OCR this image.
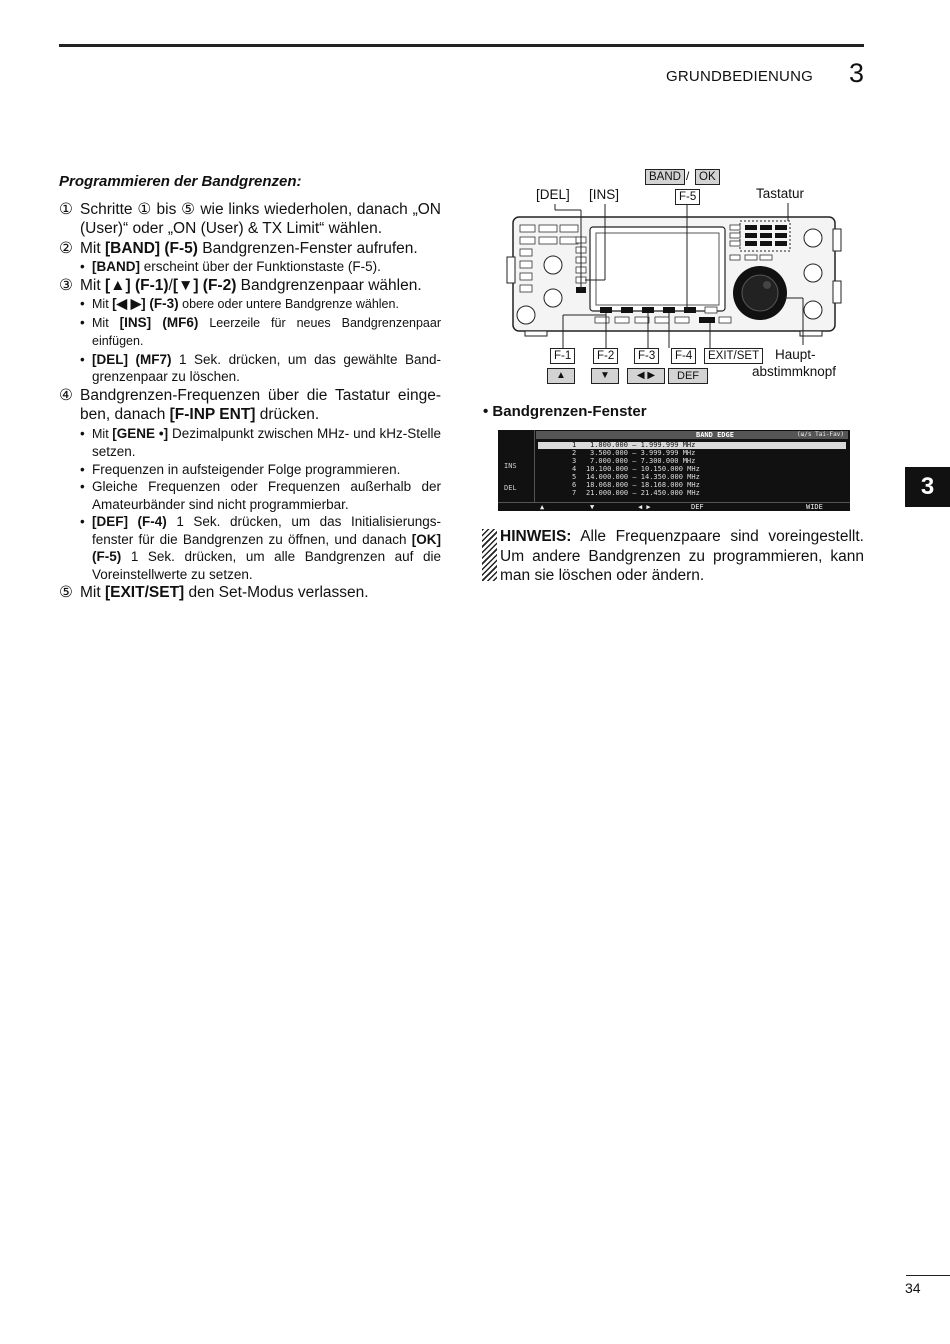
GRUNDBEDIENUNG 3
3
Programmieren der Bandgrenzen:
① Schritte ① bis ⑤ wie links wiederholen, danach „ON (User)“ oder „ON (User) & TX Limit“ wählen.
② Mit [BAND] (F-5) Bandgrenzen-Fenster aufrufen.
• [BAND] erscheint über der Funktionstaste (F-5).
③ Mit [▲] (F-1)/[▼] (F-2) Bandgrenzenpaar wählen.
• Mit [◀ ▶] (F-3) obere oder untere Bandgrenze wählen.
• Mit [INS] (MF6) Leerzeile für neues Bandgrenzenpaar einfügen.
• [DEL] (MF7) 1 Sek. drücken, um das gewählte Band-grenzenpaar zu löschen.
④ Bandgrenzen-Frequenzen über die Tastatur einge-ben, danach [F-INP ENT] drücken.
• Mit [GENE •] Dezimalpunkt zwischen MHz- und kHz-Stelle setzen.
• Frequenzen in aufsteigender Folge programmieren.
• Gleiche Frequenzen oder Frequenzen außerhalb der Amateurbänder sind nicht programmierbar.
• [DEF] (F-4) 1 Sek. drücken, um das Initialisierungs-fenster für die Bandgrenzen zu öffnen, und danach [OK] (F-5) 1 Sek. drücken, um alle Bandgrenzen auf die Voreinstellwerte zu setzen.
⑤ Mit [EXIT/SET] den Set-Modus verlassen.
BAND / OK
[DEL] [INS]	F-5	Tastatur
F-1	F-2	F-3	F-4	EXIT/SET Haupt-
abstimmknopf
▲	▼	◀ ▶	DEF
• Bandgrenzen-Fenster
INS
DEL
BAND EDGE	(ω/s Tai-Fav)
1 1.800.000 – 1.999.999 MHz
2 3.500.000 – 3.999.999 MHz
3 7.000.000 – 7.300.000 MHz
4 10.100.000 – 10.150.000 MHz
5 14.000.000 – 14.350.000 MHz
6 18.068.000 – 18.168.000 MHz
7 21.000.000 – 21.450.000 MHz
▲	▼	◀ ▶	DEF	WIDE
HINWEIS: Alle Frequenzpaare sind voreingestellt. Um andere Bandgrenzen zu programmieren, kann man sie löschen oder ändern.
34
